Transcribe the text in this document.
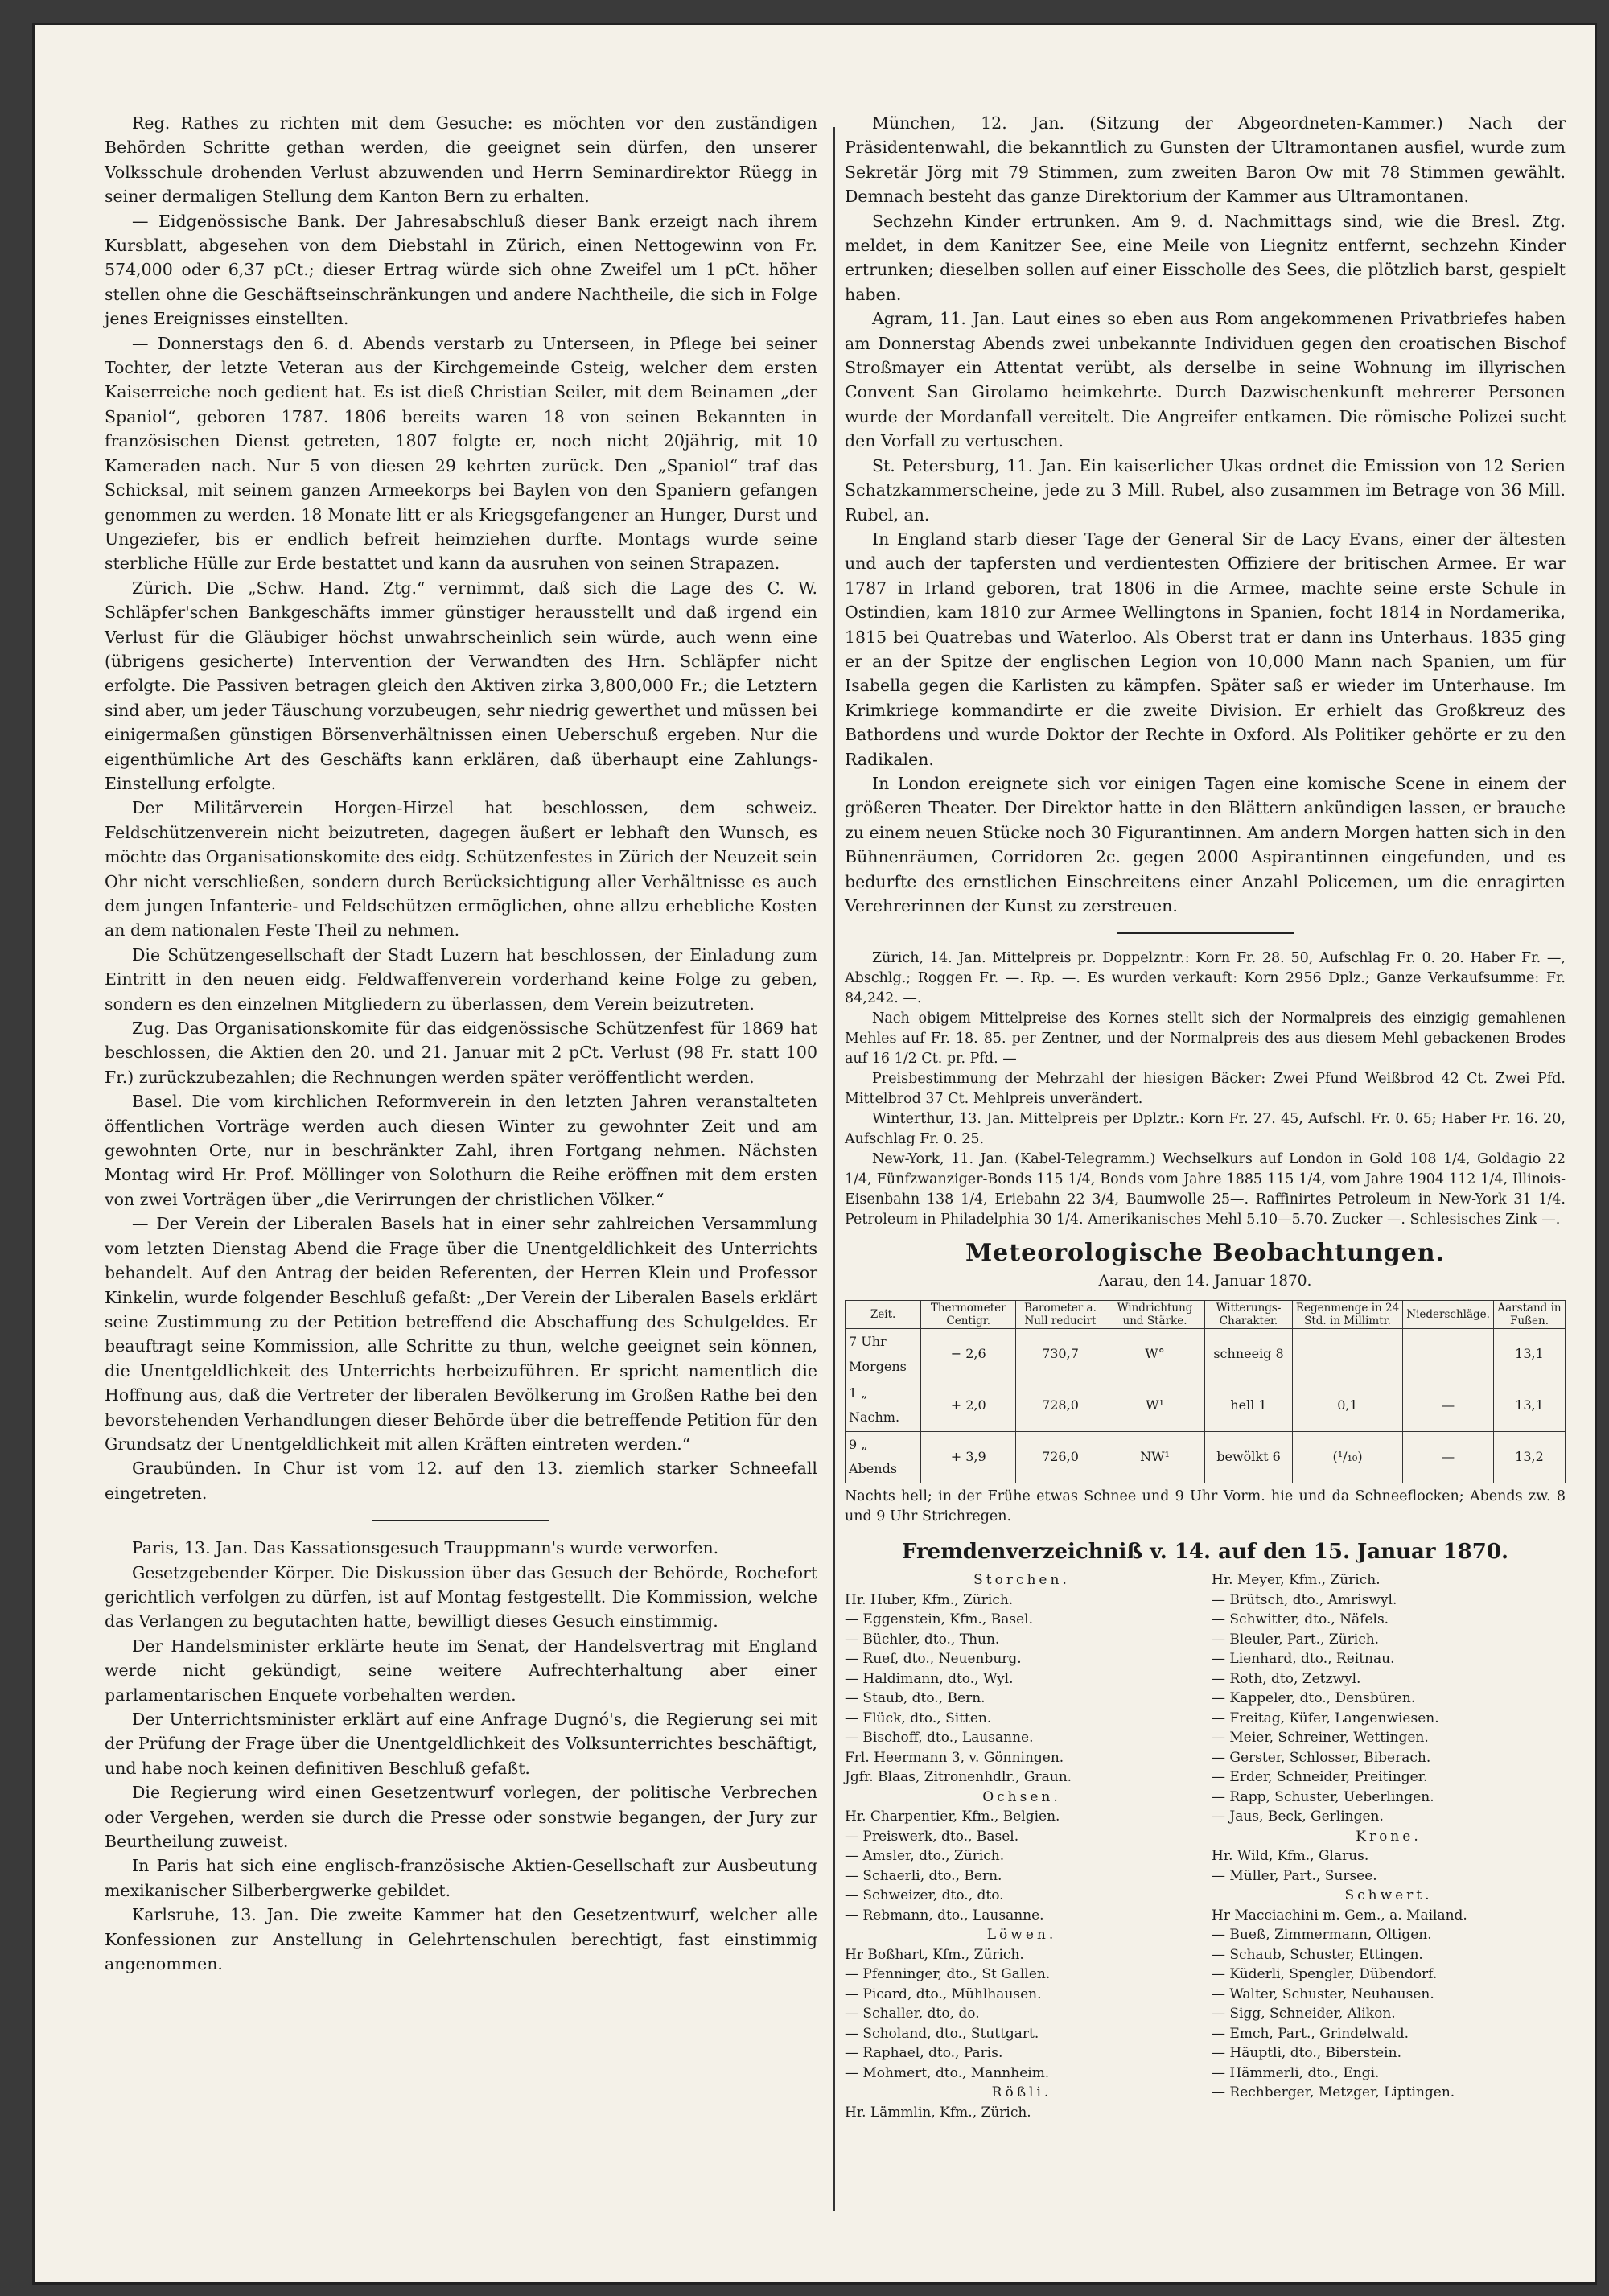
Reg. Rathes zu richten mit dem Gesuche: es möchten vor den zuständigen Behörden Schritte gethan werden, die geeignet sein dürfen, den unserer Volksschule drohenden Verlust abzuwenden und Herrn Seminardirektor Rüegg in seiner dermaligen Stellung dem Kanton Bern zu erhalten.

— Eidgenössische Bank. Der Jahresabschluß dieser Bank erzeigt nach ihrem Kursblatt, abgesehen von dem Diebstahl in Zürich, einen Nettogewinn von Fr. 574,000 oder 6,37 pCt.; dieser Ertrag würde sich ohne Zweifel um 1 pCt. höher stellen ohne die Geschäftseinschränkungen und andere Nachtheile, die sich in Folge jenes Ereignisses einstellten.

— Donnerstags den 6. d. Abends verstarb zu Unterseen, in Pflege bei seiner Tochter, der letzte Veteran aus der Kirchgemeinde Gsteig, welcher dem ersten Kaiserreiche noch gedient hat. Es ist dieß Christian Seiler, mit dem Beinamen „der Spaniol“, geboren 1787. 1806 bereits waren 18 von seinen Bekannten in französischen Dienst getreten, 1807 folgte er, noch nicht 20jährig, mit 10 Kameraden nach. Nur 5 von diesen 29 kehrten zurück. Den „Spaniol“ traf das Schicksal, mit seinem ganzen Armeekorps bei Baylen von den Spaniern gefangen genommen zu werden. 18 Monate litt er als Kriegsgefangener an Hunger, Durst und Ungeziefer, bis er endlich befreit heimziehen durfte. Montags wurde seine sterbliche Hülle zur Erde bestattet und kann da ausruhen von seinen Strapazen.

Zürich. Die „Schw. Hand. Ztg.“ vernimmt, daß sich die Lage des C. W. Schläpfer'schen Bankgeschäfts immer günstiger herausstellt und daß irgend ein Verlust für die Gläubiger höchst unwahrscheinlich sein würde, auch wenn eine (übrigens gesicherte) Intervention der Verwandten des Hrn. Schläpfer nicht erfolgte. Die Passiven betragen gleich den Aktiven zirka 3,800,000 Fr.; die Letztern sind aber, um jeder Täuschung vorzubeugen, sehr niedrig gewerthet und müssen bei einigermaßen günstigen Börsenverhältnissen einen Ueberschuß ergeben. Nur die eigenthümliche Art des Geschäfts kann erklären, daß überhaupt eine Zahlungs-Einstellung erfolgte.

Der Militärverein Horgen-Hirzel hat beschlossen, dem schweiz. Feldschützenverein nicht beizutreten, dagegen äußert er lebhaft den Wunsch, es möchte das Organisationskomite des eidg. Schützenfestes in Zürich der Neuzeit sein Ohr nicht verschließen, sondern durch Berücksichtigung aller Verhältnisse es auch dem jungen Infanterie- und Feldschützen ermöglichen, ohne allzu erhebliche Kosten an dem nationalen Feste Theil zu nehmen.

Die Schützengesellschaft der Stadt Luzern hat beschlossen, der Einladung zum Eintritt in den neuen eidg. Feldwaffenverein vorderhand keine Folge zu geben, sondern es den einzelnen Mitgliedern zu überlassen, dem Verein beizutreten.

Zug. Das Organisationskomite für das eidgenössische Schützenfest für 1869 hat beschlossen, die Aktien den 20. und 21. Januar mit 2 pCt. Verlust (98 Fr. statt 100 Fr.) zurückzubezahlen; die Rechnungen werden später veröffentlicht werden.

Basel. Die vom kirchlichen Reformverein in den letzten Jahren veranstalteten öffentlichen Vorträge werden auch diesen Winter zu gewohnter Zeit und am gewohnten Orte, nur in beschränkter Zahl, ihren Fortgang nehmen. Nächsten Montag wird Hr. Prof. Möllinger von Solothurn die Reihe eröffnen mit dem ersten von zwei Vorträgen über „die Verirrungen der christlichen Völker.“

— Der Verein der Liberalen Basels hat in einer sehr zahlreichen Versammlung vom letzten Dienstag Abend die Frage über die Unentgeldlichkeit des Unterrichts behandelt. Auf den Antrag der beiden Referenten, der Herren Klein und Professor Kinkelin, wurde folgender Beschluß gefaßt: „Der Verein der Liberalen Basels erklärt seine Zustimmung zu der Petition betreffend die Abschaffung des Schulgeldes. Er beauftragt seine Kommission, alle Schritte zu thun, welche geeignet sein können, die Unentgeldlichkeit des Unterrichts herbeizuführen. Er spricht namentlich die Hoffnung aus, daß die Vertreter der liberalen Bevölkerung im Großen Rathe bei den bevorstehenden Verhandlungen dieser Behörde über die betreffende Petition für den Grundsatz der Unentgeldlichkeit mit allen Kräften eintreten werden.“

Graubünden. In Chur ist vom 12. auf den 13. ziemlich starker Schneefall eingetreten.

Paris, 13. Jan. Das Kassationsgesuch Trauppmann's wurde verworfen.

Gesetzgebender Körper. Die Diskussion über das Gesuch der Behörde, Rochefort gerichtlich verfolgen zu dürfen, ist auf Montag festgestellt. Die Kommission, welche das Verlangen zu begutachten hatte, bewilligt dieses Gesuch einstimmig.

Der Handelsminister erklärte heute im Senat, der Handelsvertrag mit England werde nicht gekündigt, seine weitere Aufrechterhaltung aber einer parlamentarischen Enquete vorbehalten werden.

Der Unterrichtsminister erklärt auf eine Anfrage Dugnó's, die Regierung sei mit der Prüfung der Frage über die Unentgeldlichkeit des Volksunterrichtes beschäftigt, und habe noch keinen definitiven Beschluß gefaßt.

Die Regierung wird einen Gesetzentwurf vorlegen, der politische Verbrechen oder Vergehen, werden sie durch die Presse oder sonstwie begangen, der Jury zur Beurtheilung zuweist.

In Paris hat sich eine englisch-französische Aktien-Gesellschaft zur Ausbeutung mexikanischer Silberbergwerke gebildet.

Karlsruhe, 13. Jan. Die zweite Kammer hat den Gesetzentwurf, welcher alle Konfessionen zur Anstellung in Gelehrtenschulen berechtigt, fast einstimmig angenommen.

München, 12. Jan. (Sitzung der Abgeordneten-Kammer.) Nach der Präsidentenwahl, die bekanntlich zu Gunsten der Ultramontanen ausfiel, wurde zum Sekretär Jörg mit 79 Stimmen, zum zweiten Baron Ow mit 78 Stimmen gewählt. Demnach besteht das ganze Direktorium der Kammer aus Ultramontanen.

Sechzehn Kinder ertrunken. Am 9. d. Nachmittags sind, wie die Bresl. Ztg. meldet, in dem Kanitzer See, eine Meile von Liegnitz entfernt, sechzehn Kinder ertrunken; dieselben sollen auf einer Eisscholle des Sees, die plötzlich barst, gespielt haben.

Agram, 11. Jan. Laut eines so eben aus Rom angekommenen Privatbriefes haben am Donnerstag Abends zwei unbekannte Individuen gegen den croatischen Bischof Stroßmayer ein Attentat verübt, als derselbe in seine Wohnung im illyrischen Convent San Girolamo heimkehrte. Durch Dazwischenkunft mehrerer Personen wurde der Mordanfall vereitelt. Die Angreifer entkamen. Die römische Polizei sucht den Vorfall zu vertuschen.

St. Petersburg, 11. Jan. Ein kaiserlicher Ukas ordnet die Emission von 12 Serien Schatzkammerscheine, jede zu 3 Mill. Rubel, also zusammen im Betrage von 36 Mill. Rubel, an.

In England starb dieser Tage der General Sir de Lacy Evans, einer der ältesten und auch der tapfersten und verdientesten Offiziere der britischen Armee. Er war 1787 in Irland geboren, trat 1806 in die Armee, machte seine erste Schule in Ostindien, kam 1810 zur Armee Wellingtons in Spanien, focht 1814 in Nordamerika, 1815 bei Quatrebas und Waterloo. Als Oberst trat er dann ins Unterhaus. 1835 ging er an der Spitze der englischen Legion von 10,000 Mann nach Spanien, um für Isabella gegen die Karlisten zu kämpfen. Später saß er wieder im Unterhause. Im Krimkriege kommandirte er die zweite Division. Er erhielt das Großkreuz des Bathordens und wurde Doktor der Rechte in Oxford. Als Politiker gehörte er zu den Radikalen.

In London ereignete sich vor einigen Tagen eine komische Scene in einem der größeren Theater. Der Direktor hatte in den Blättern ankündigen lassen, er brauche zu einem neuen Stücke noch 30 Figurantinnen. Am andern Morgen hatten sich in den Bühnenräumen, Corridoren 2c. gegen 2000 Aspirantinnen eingefunden, und es bedurfte des ernstlichen Einschreitens einer Anzahl Policemen, um die enragirten Verehrerinnen der Kunst zu zerstreuen.

Zürich, 14. Jan. Mittelpreis pr. Doppelzntr.: Korn Fr. 28. 50, Aufschlag Fr. 0. 20. Haber Fr. —, Abschlg.; Roggen Fr. —. Rp. —. Es wurden verkauft: Korn 2956 Dplz.; Ganze Verkaufsumme: Fr. 84,242. —.

Nach obigem Mittelpreise des Kornes stellt sich der Normalpreis des einzigig gemahlenen Mehles auf Fr. 18. 85. per Zentner, und der Normalpreis des aus diesem Mehl gebackenen Brodes auf 16 1/2 Ct. pr. Pfd. —

Preisbestimmung der Mehrzahl der hiesigen Bäcker: Zwei Pfund Weißbrod 42 Ct. Zwei Pfd. Mittelbrod 37 Ct. Mehlpreis unverändert.

Winterthur, 13. Jan. Mittelpreis per Dplztr.: Korn Fr. 27. 45, Aufschl. Fr. 0. 65; Haber Fr. 16. 20, Aufschlag Fr. 0. 25.

New-York, 11. Jan. (Kabel-Telegramm.) Wechselkurs auf London in Gold 108 1/4, Goldagio 22 1/4, Fünfzwanziger-Bonds 115 1/4, Bonds vom Jahre 1885 115 1/4, vom Jahre 1904 112 1/4, Illinois-Eisenbahn 138 1/4, Eriebahn 22 3/4, Baumwolle 25—. Raffinirtes Petroleum in New-York 31 1/4. Petroleum in Philadelphia 30 1/4. Amerikanisches Mehl 5.10—5.70. Zucker —. Schlesisches Zink —.

Meteorologische Beobachtungen.
Aarau, den 14. Januar 1870.
Zeit.	Thermometer Centigr.	Barometer a. Null reducirt	Windrichtung und Stärke.	Witterungs-Charakter.	Regenmenge in 24 Std. in Millimtr.	Niederschläge.	Aarstand in Fußen.
7 Uhr Morgens	− 2,6	730,7	W°	schneeig 8			13,1
1 „ Nachm.	+ 2,0	728,0	W¹	hell 1	0,1	—	13,1
9 „ Abends	+ 3,9	726,0	NW¹	bewölkt 6	(¹/₁₀)	—	13,2

Nachts hell; in der Frühe etwas Schnee und 9 Uhr Vorm. hie und da Schneeflocken; Abends zw. 8 und 9 Uhr Strichregen.

Fremdenverzeichniß v. 14. auf den 15. Januar 1870.
Storchen.
Hr. Huber, Kfm., Zürich.
— Eggenstein, Kfm., Basel.
— Büchler, dto., Thun.
— Ruef, dto., Neuenburg.
— Haldimann, dto., Wyl.
— Staub, dto., Bern.
— Flück, dto., Sitten.
— Bischoff, dto., Lausanne.
Frl. Heermann 3, v. Gönningen.
Jgfr. Blaas, Zitronenhdlr., Graun.
Ochsen.
Hr. Charpentier, Kfm., Belgien.
— Preiswerk, dto., Basel.
— Amsler, dto., Zürich.
— Schaerli, dto., Bern.
— Schweizer, dto., dto.
— Rebmann, dto., Lausanne.
Löwen.
Hr Boßhart, Kfm., Zürich.
— Pfenninger, dto., St Gallen.
— Picard, dto., Mühlhausen.
— Schaller, dto, do.
— Scholand, dto., Stuttgart.
— Raphael, dto., Paris.
— Mohmert, dto., Mannheim.
Rößli.
Hr. Lämmlin, Kfm., Zürich.
Hr. Meyer, Kfm., Zürich.
— Brütsch, dto., Amriswyl.
— Schwitter, dto., Näfels.
— Bleuler, Part., Zürich.
— Lienhard, dto., Reitnau.
— Roth, dto, Zetzwyl.
— Kappeler, dto., Densbüren.
— Freitag, Küfer, Langenwiesen.
— Meier, Schreiner, Wettingen.
— Gerster, Schlosser, Biberach.
— Erder, Schneider, Preitinger.
— Rapp, Schuster, Ueberlingen.
— Jaus, Beck, Gerlingen.
Krone.
Hr. Wild, Kfm., Glarus.
— Müller, Part., Sursee.
Schwert.
Hr Macciachini m. Gem., a. Mailand.
— Bueß, Zimmermann, Oltigen.
— Schaub, Schuster, Ettingen.
— Küderli, Spengler, Dübendorf.
— Walter, Schuster, Neuhausen.
— Sigg, Schneider, Alikon.
— Emch, Part., Grindelwald.
— Häuptli, dto., Biberstein.
— Hämmerli, dto., Engi.
— Rechberger, Metzger, Liptingen.
